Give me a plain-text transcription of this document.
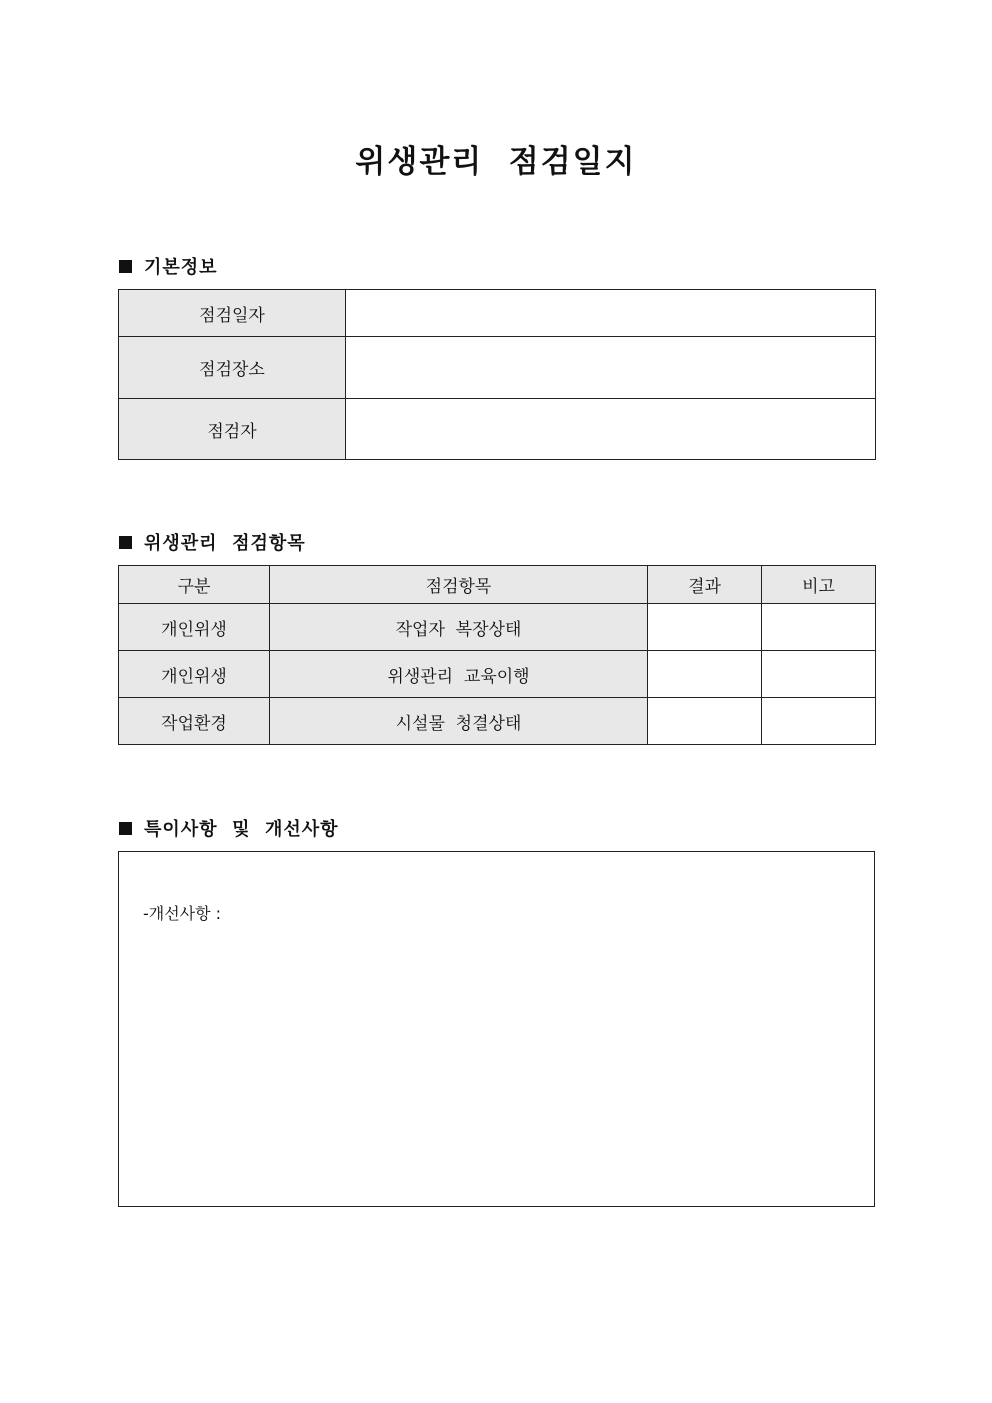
위생관리  점검일지
기본정보
점검일자	
점검장소	
점검자	
위생관리  점검항목
구분	점검항목	결과	비고
개인위생	작업자  복장상태		
개인위생	위생관리  교육이행		
작업환경	시설물  청결상태		
특이사항  및  개선사항
-개선사항 :
